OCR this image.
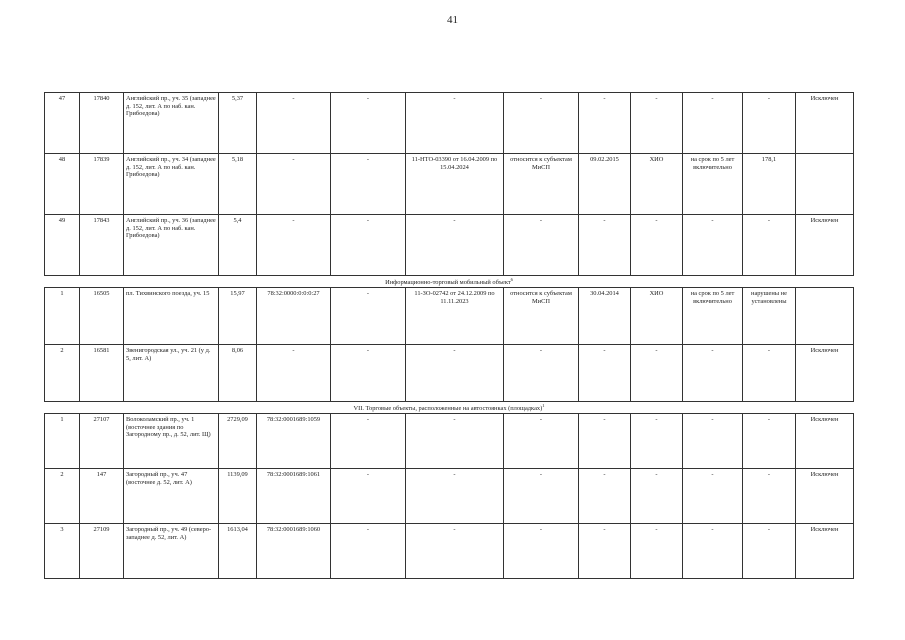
41
47	17840	Английский пр., уч. 35 (западнее д. 152, лит. А по наб. кан. Грибоедова)	5,37	-	-	-	-	-	-	-	-	Исключен
48	17839	Английский пр., уч. 34 (западнее д. 152, лит. А по наб. кан. Грибоедова)	5,18	-	-	11-НТО-03390 от 16.04.2009 по 15.04.2024	относится к субъектам МиСП	09.02.2015	ХИО	на срок по 5 лет включительно	178,1	
49	17843	Английский пр., уч. 36 (западнее д. 152, лит. А по наб. кан. Грибоедова)	5,4	-	-	-	-	-	-	-	-	Исключен
Информационно-торговый мобильный объект$^6$
1	16505	пл. Тихвинского поезда, уч. 15	15,97	78:32:0000:0:0:0:27	-	11-ЗО-02742 от 24.12.2009 по 11.11.2023	относится к субъектам МиСП	30.04.2014	ХИО	на срок по 5 лет включительно	нарушены не установлены	
2	16581	Звенигородская ул., уч. 21 (у д. 5, лит. А)	8,06	-	-	-	-	-	-	-	-	Исключен
VII. Торговые объекты, расположенные на автостоянках (площадках)$^1$
1	27107	Волоколамский пр., уч. 1 (восточнее здания по Загородному пр., д. 52, лит. Щ)	2729,09	78:32:0001689:1059	-	-	-	-	-	-	-	Исключен
2	147	Загородный пр., уч. 47 (восточнее д. 52, лит. А)	1139,09	78:32:0001689:1061	-	-	-	-	-	-	-	Исключен
3	27109	Загородный пр., уч. 49 (северо-западнее д. 52, лит. А)	1613,04	78:32:0001689:1060	-	-	-	-	-	-	-	Исключен
